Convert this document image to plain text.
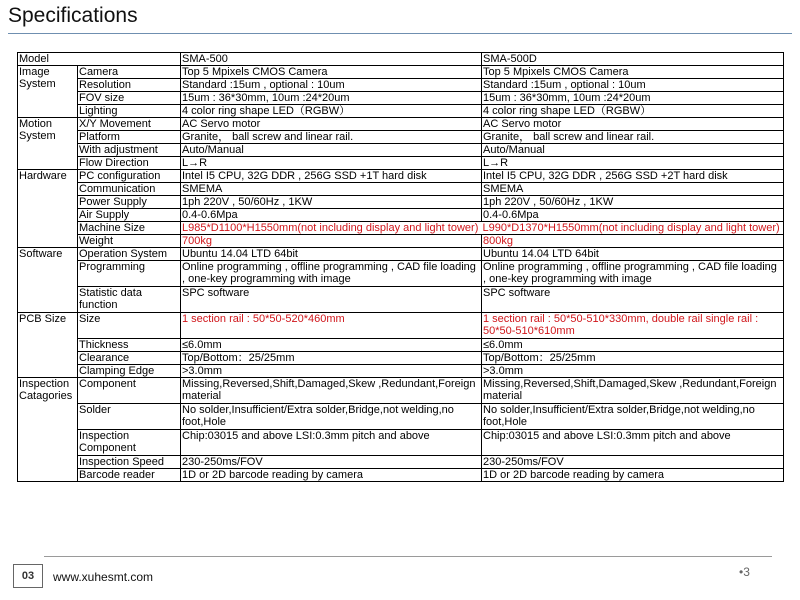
Specifications
Model		SMA-500	SMA-500D
Image System	Camera	Top 5 Mpixels CMOS Camera	Top 5 Mpixels CMOS Camera
	Resolution	Standard :15um , optional : 10um	Standard :15um , optional : 10um
	FOV size	15um : 36*30mm, 10um :24*20um	15um : 36*30mm, 10um :24*20um
	Lighting	4 color ring shape LED（RGBW）	4 color ring shape LED（RGBW）
Motion System	X/Y Movement	AC Servo motor	AC Servo motor
	Platform	Granite， ball screw and linear rail.	Granite， ball screw and linear rail.
	With adjustment	Auto/Manual	Auto/Manual
	Flow Direction	L→R	L→R
Hardware	PC configuration	Intel I5 CPU, 32G DDR , 256G SSD +1T hard disk	Intel I5 CPU, 32G DDR , 256G SSD +2T hard disk
	Communication	SMEMA	SMEMA
	Power Supply	1ph 220V , 50/60Hz , 1KW	1ph 220V , 50/60Hz , 1KW
	Air Supply	0.4-0.6Mpa	0.4-0.6Mpa
	Machine Size	L985*D1100*H1550mm(not including display and light tower)	L990*D1370*H1550mm(not including display and light tower)
	Weight	700kg	800kg
Software	Operation System	Ubuntu 14.04 LTD 64bit	Ubuntu 14.04 LTD 64bit
	Programming	Online programming , offline programming , CAD file loading , one-key programming with image	Online programming , offline programming , CAD file loading , one-key programming with image
	Statistic data function	SPC software	SPC software
PCB Size	Size	1 section rail : 50*50-520*460mm	1 section rail : 50*50-510*330mm, double rail single rail : 50*50-510*610mm
	Thickness	≤6.0mm	≤6.0mm
	Clearance	Top/Bottom：25/25mm	Top/Bottom：25/25mm
	Clamping Edge	>3.0mm	>3.0mm
Inspection Catagories	Component	Missing,Reversed,Shift,Damaged,Skew ,Redundant,Foreign material	Missing,Reversed,Shift,Damaged,Skew ,Redundant,Foreign material
	Solder	No solder,Insufficient/Extra solder,Bridge,not welding,no foot,Hole	No solder,Insufficient/Extra solder,Bridge,not welding,no foot,Hole
	Inspection Component	Chip:03015 and above LSI:0.3mm pitch and above	Chip:03015 and above LSI:0.3mm pitch and above
	Inspection Speed	230-250ms/FOV	230-250ms/FOV
	Barcode reader	1D or 2D barcode reading by camera	1D or 2D barcode reading by camera
03	www.xuhesmt.com	•3
